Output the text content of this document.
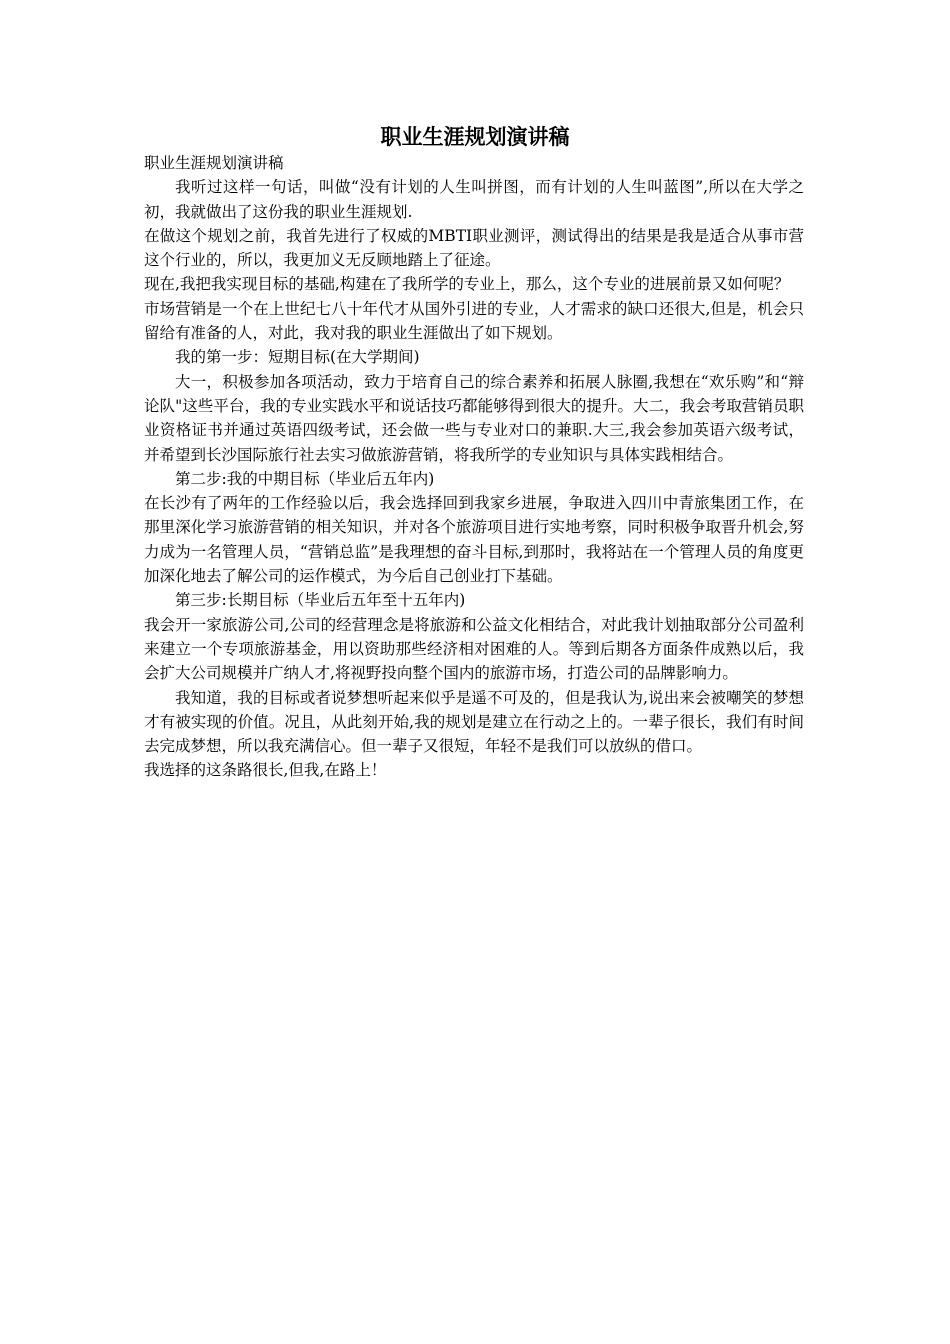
职业生涯规划演讲稿

职业生涯规划演讲稿

我听过这样一句话，叫做“没有计划的人生叫拼图，而有计划的人生叫蓝图”,所以在大学之初，我就做出了这份我的职业生涯规划.

在做这个规划之前，我首先进行了权威的MBTI职业测评，测试得出的结果是我是适合从事市营这个行业的，所以，我更加义无反顾地踏上了征途。

现在,我把我实现目标的基础,构建在了我所学的专业上，那么，这个专业的进展前景又如何呢？

市场营销是一个在上世纪七八十年代才从国外引进的专业，人才需求的缺口还很大,但是，机会只留给有准备的人，对此，我对我的职业生涯做出了如下规划。

我的第一步：短期目标(在大学期间)

大一，积极参加各项活动，致力于培育自己的综合素养和拓展人脉圈,我想在“欢乐购”和“辩论队"这些平台，我的专业实践水平和说话技巧都能够得到很大的提升。大二，我会考取营销员职业资格证书并通过英语四级考试，还会做一些与专业对口的兼职.大三,我会参加英语六级考试，并希望到长沙国际旅行社去实习做旅游营销，将我所学的专业知识与具体实践相结合。

第二步:我的中期目标（毕业后五年内)

在长沙有了两年的工作经验以后，我会选择回到我家乡进展，争取进入四川中青旅集团工作，在那里深化学习旅游营销的相关知识，并对各个旅游项目进行实地考察，同时积极争取晋升机会,努力成为一名管理人员，“营销总监”是我理想的奋斗目标,到那时，我将站在一个管理人员的角度更加深化地去了解公司的运作模式，为今后自己创业打下基础。

第三步:长期目标（毕业后五年至十五年内)

我会开一家旅游公司,公司的经营理念是将旅游和公益文化相结合，对此我计划抽取部分公司盈利来建立一个专项旅游基金，用以资助那些经济相对困难的人。等到后期各方面条件成熟以后，我会扩大公司规模并广纳人才,将视野投向整个国内的旅游市场，打造公司的品牌影响力。

我知道，我的目标或者说梦想听起来似乎是遥不可及的，但是我认为,说出来会被嘲笑的梦想才有被实现的价值。况且，从此刻开始,我的规划是建立在行动之上的。一辈子很长，我们有时间去完成梦想，所以我充满信心。但一辈子又很短，年轻不是我们可以放纵的借口。

我选择的这条路很长,但我,在路上！
